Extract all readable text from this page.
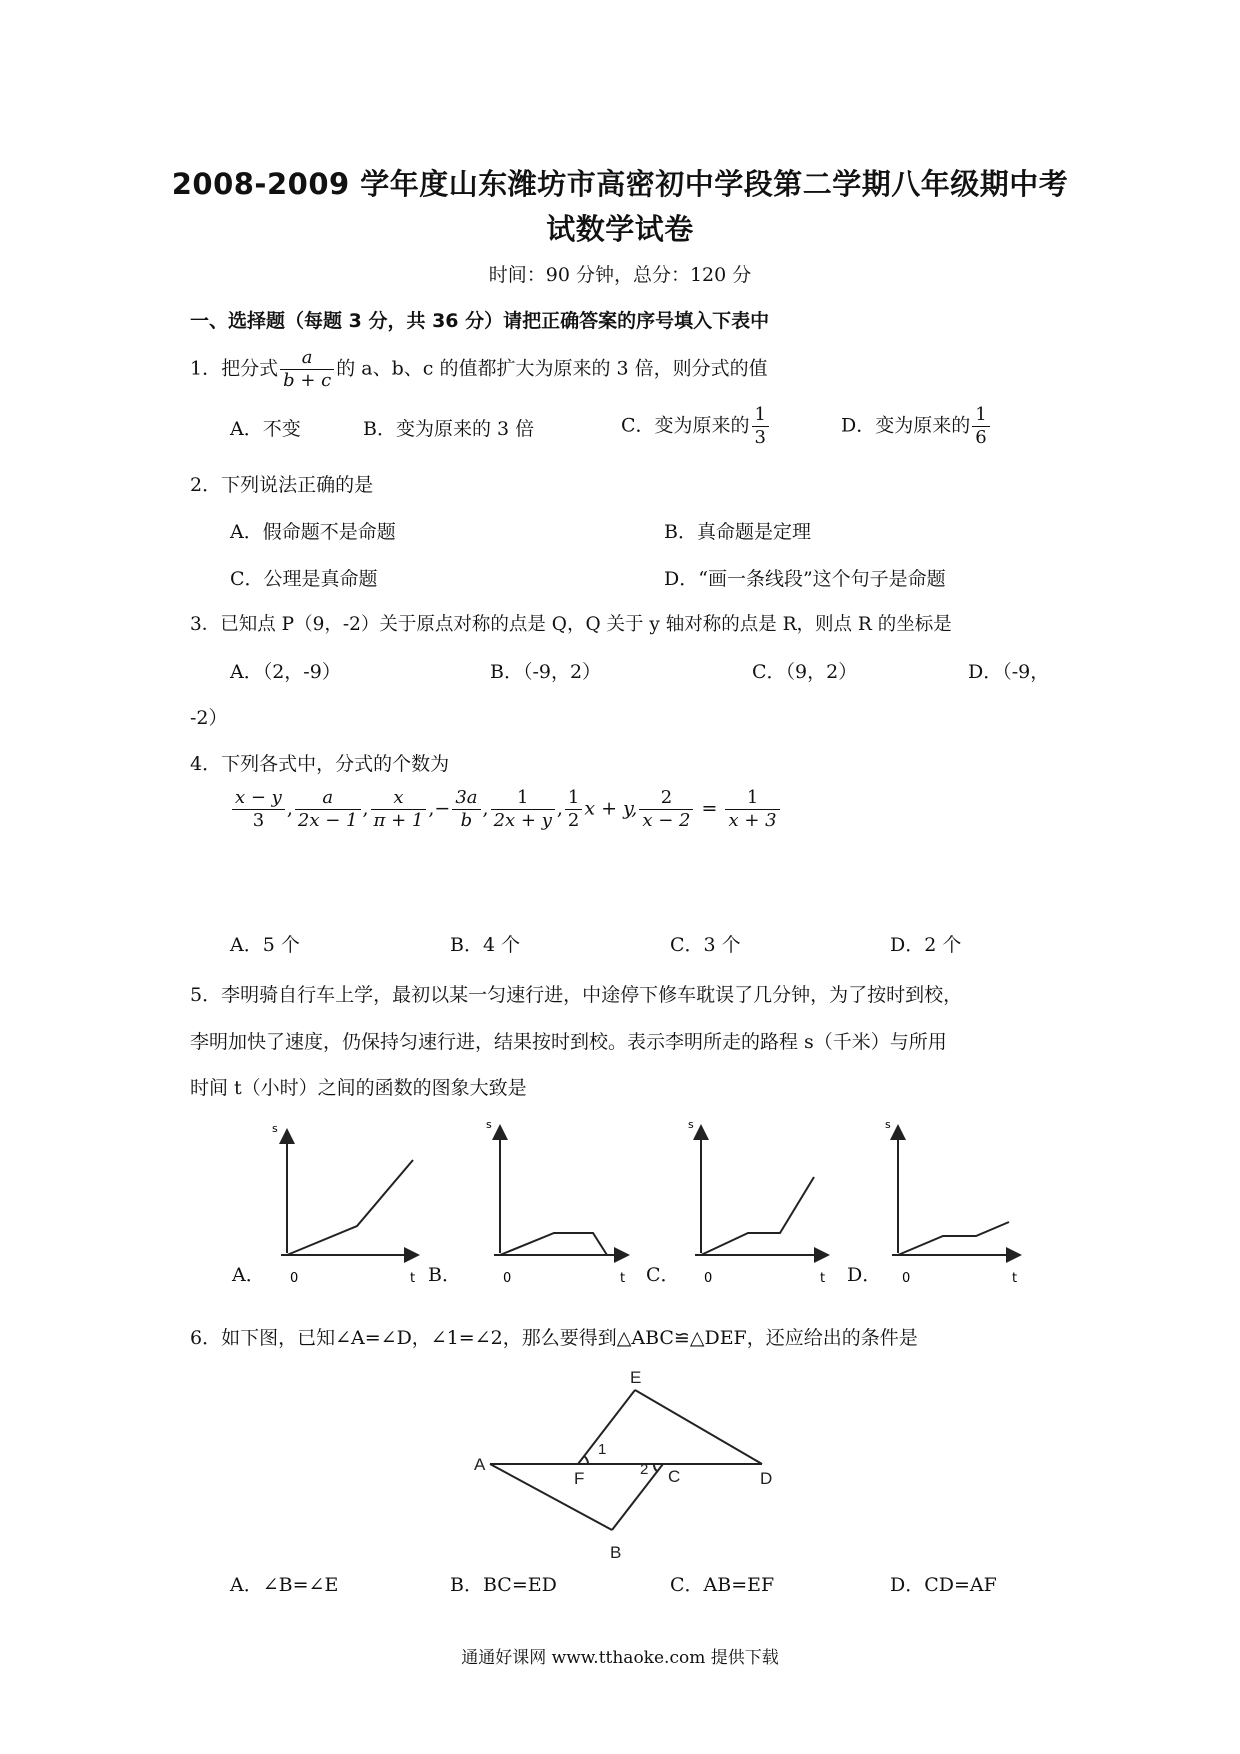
2008-2009 学年度山东潍坊市高密初中学段第二学期八年级期中考
试数学试卷
时间：90 分钟，总分：120 分
一、选择题（每题 3 分，共 36 分）请把正确答案的序号填入下表中
1．把分式 $\frac{a}{b + c}$ 的 a、b、c 的值都扩大为原来的 3 倍，则分式的值
A．不变	B．变为原来的 3 倍	C．变为原来的 $\frac{1}{3}$	D．变为原来的 $\frac{1}{6}$
2．下列说法正确的是
A．假命题不是命题	B．真命题是定理
C．公理是真命题	D．“画一条线段”这个句子是命题
3．已知点 P（9，-2）关于原点对称的点是 Q，Q 关于 y 轴对称的点是 R，则点 R 的坐标是
A．（2，-9）	B．（-9，2）	C．（9，2）	D．（-9，
-2）
4．下列各式中，分式的个数为
$\frac{x - y}{3}$ , $\frac{a}{2x - 1}$ , $\frac{x}{\pi + 1}$ ,− $\frac{3a}{b}$ , $\frac{1}{2x + y}$ , $\frac{1}{2}$ x + y, $\frac{2}{x - 2} = \frac{1}{x + 3}$
A．5 个	B．4 个	C．3 个	D．2 个
5．李明骑自行车上学，最初以某一匀速行进，中途停下修车耽误了几分钟，为了按时到校，
李明加快了速度，仍保持匀速行进，结果按时到校。表示李明所走的路程 s（千米）与所用
时间 t（小时）之间的函数的图象大致是
A．	B．	C．	D．
s
t
0
s
t
0
s
t
0
s
t
0
A
B
C	D
E
F
1
2
6．如下图，已知∠A=∠D，∠1=∠2，那么要得到△ABC≌△DEF，还应给出的条件是
A．∠B=∠E	B．BC=ED	C．AB=EF	D．CD=AF
通通好课网 www.tthaoke.com 提供下载
